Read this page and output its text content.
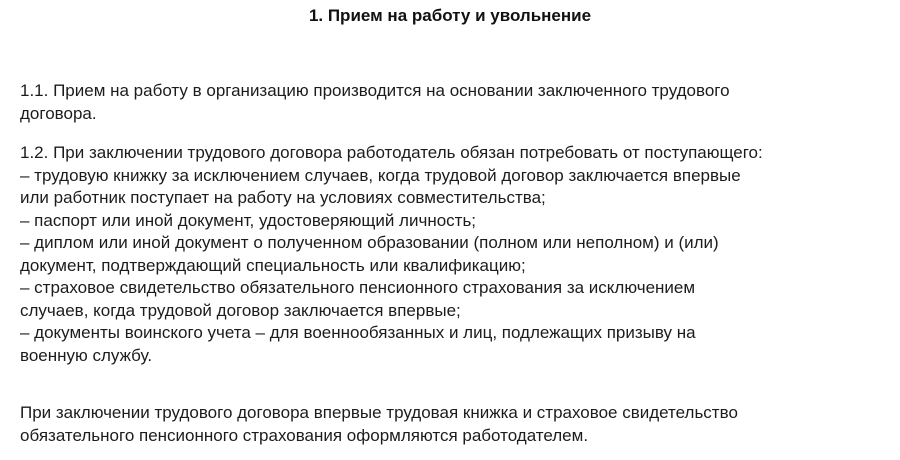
1. Прием на работу и увольнение
1.1. Прием на работу в организацию производится на основании заключенного трудового
договора.
1.2. При заключении трудового договора работодатель обязан потребовать от поступающего:
– трудовую книжку за исключением случаев, когда трудовой договор заключается впервые
или работник поступает на работу на условиях совместительства;
– паспорт или иной документ, удостоверяющий личность;
– диплом или иной документ о полученном образовании (полном или неполном) и (или)
документ, подтверждающий специальность или квалификацию;
– страховое свидетельство обязательного пенсионного страхования за исключением
случаев, когда трудовой договор заключается впервые;
– документы воинского учета – для военнообязанных и лиц, подлежащих призыву на
военную службу.
При заключении трудового договора впервые трудовая книжка и страховое свидетельство
обязательного пенсионного страхования оформляются работодателем.
